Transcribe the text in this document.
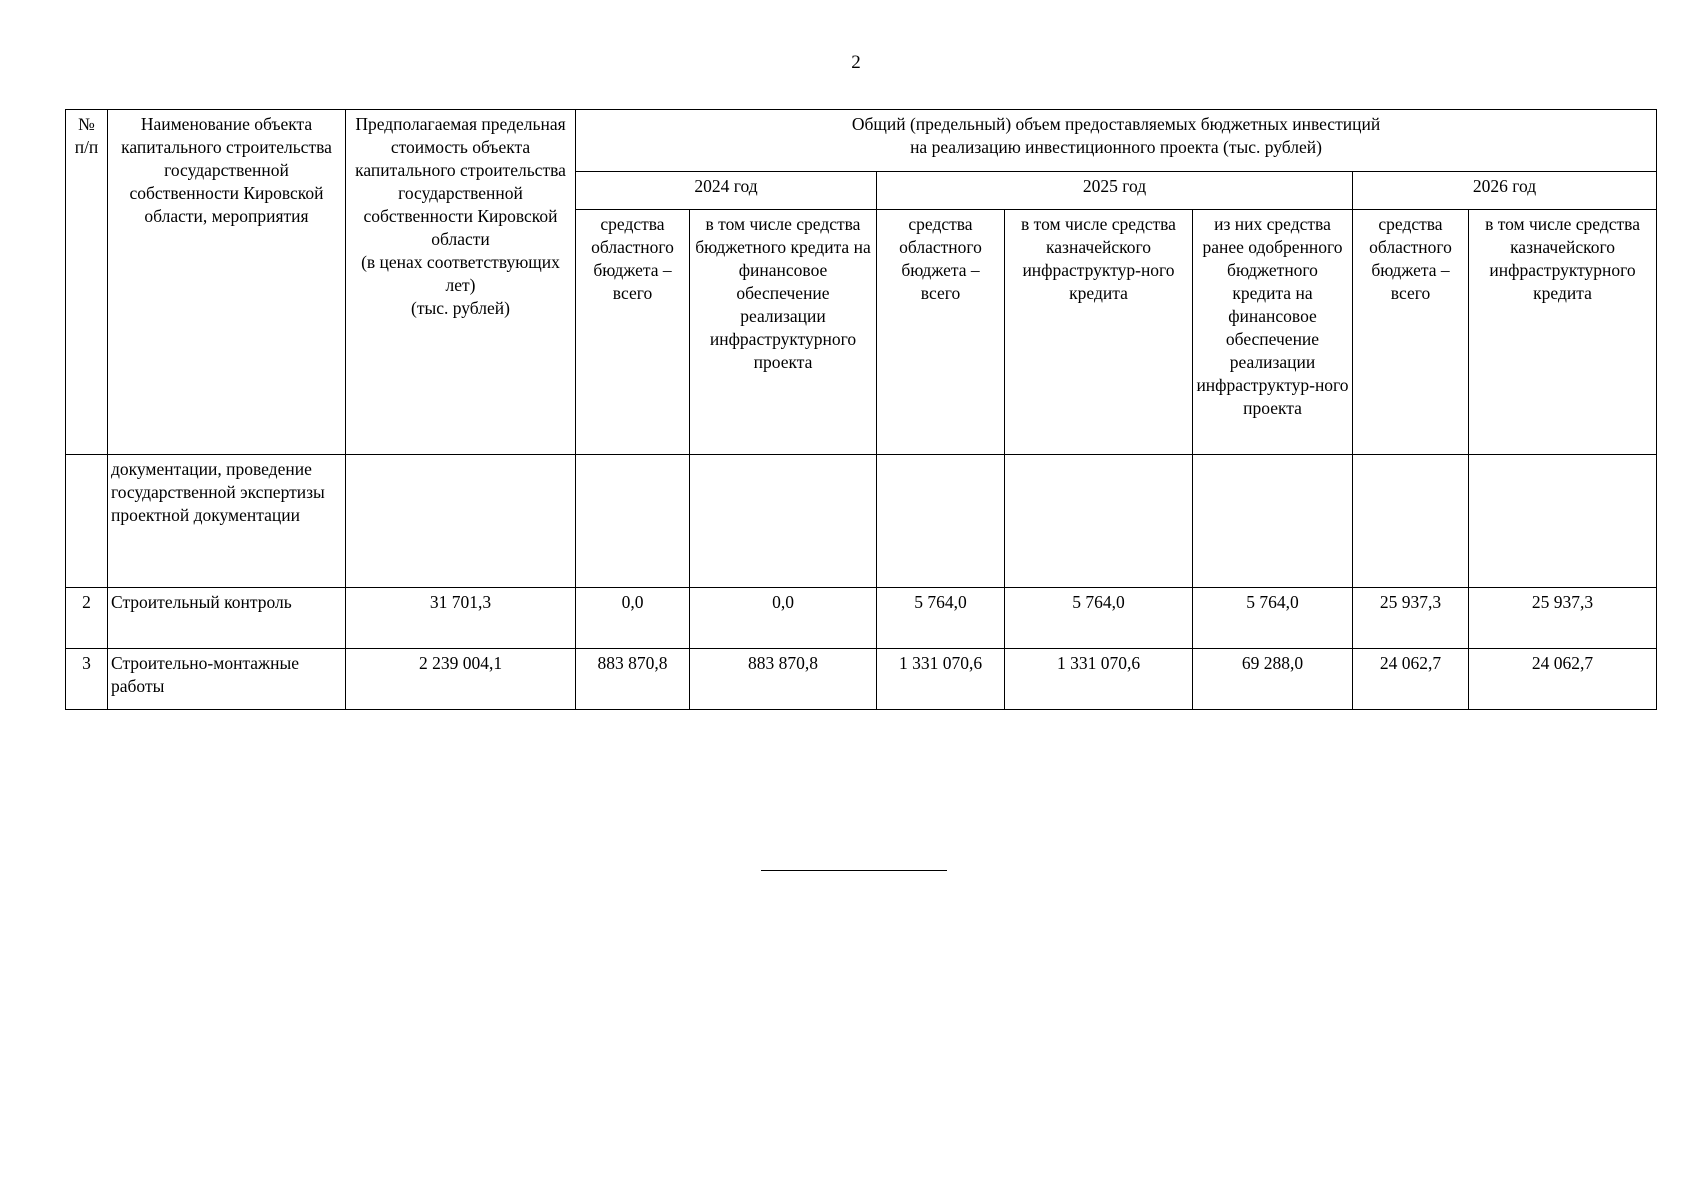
2
№
п/п	Наименование объекта капитального строительства государственной собственности Кировской области, мероприятия	Предполагаемая предельная стоимость объекта капитального строительства государственной собственности Кировской области
(в ценах соответствующих лет)
(тыс. рублей)	Общий (предельный) объем предоставляемых бюджетных инвестиций
на реализацию инвестиционного проекта (тыс. рублей)						
			2024 год		2025 год			2026 год	
			средства областного бюджета – всего	в том числе средства бюджетного кредита на финансовое обеспечение реализации инфраструктурного проекта	средства областного бюджета – всего	в том числе средства казначейского инфраструктур-ного кредита	из них средства ранее одобренного бюджетного кредита на финансовое обеспечение реализации инфраструктур-ного проекта	средства областного бюджета – всего	в том числе средства казначейского инфраструктурного кредита
	документации, проведение государственной экспертизы проектной документации								
2	Строительный контроль	31 701,3	0,0	0,0	5 764,0	5 764,0	5 764,0	25 937,3	25 937,3
3	Строительно-монтажные работы	2 239 004,1	883 870,8	883 870,8	1 331 070,6	1 331 070,6	69 288,0	24 062,7	24 062,7
